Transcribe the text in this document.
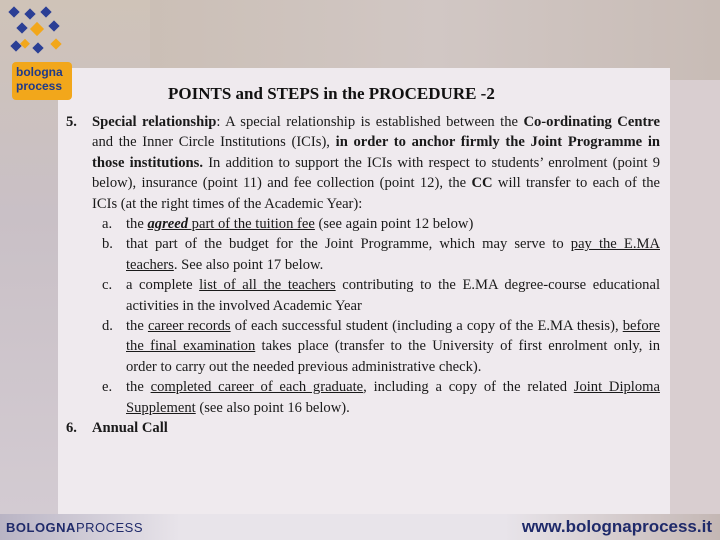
bologna
process	POINTS and STEPS in the PROCEDURE -2
5. Special relationship: A special relationship is established between the Co-ordinating Centre and the Inner Circle Institutions (ICIs), in order to anchor firmly the Joint Programme in those institutions. In addition to support the ICIs with respect to students’ enrolment (point 9 below), insurance (point 11) and fee collection (point 12), the CC will transfer to each of the ICIs (at the right times of the Academic Year):
a. the agreed part of the tuition fee (see again point 12 below)
b. that part of the budget for the Joint Programme, which may serve to pay the E.MA teachers. See also point 17 below.
c. a complete list of all the teachers contributing to the E.MA degree-course educational activities in the involved Academic Year
d. the career records of each successful student (including a copy of the E.MA thesis), before the final examination takes place (transfer to the University of first enrolment only, in order to carry out the needed previous administrative check).
e. the completed career of each graduate, including a copy of the related Joint Diploma Supplement (see also point 16 below).
6. Annual Call
BOLOGNAPROCESS	www.bolognaprocess.it
